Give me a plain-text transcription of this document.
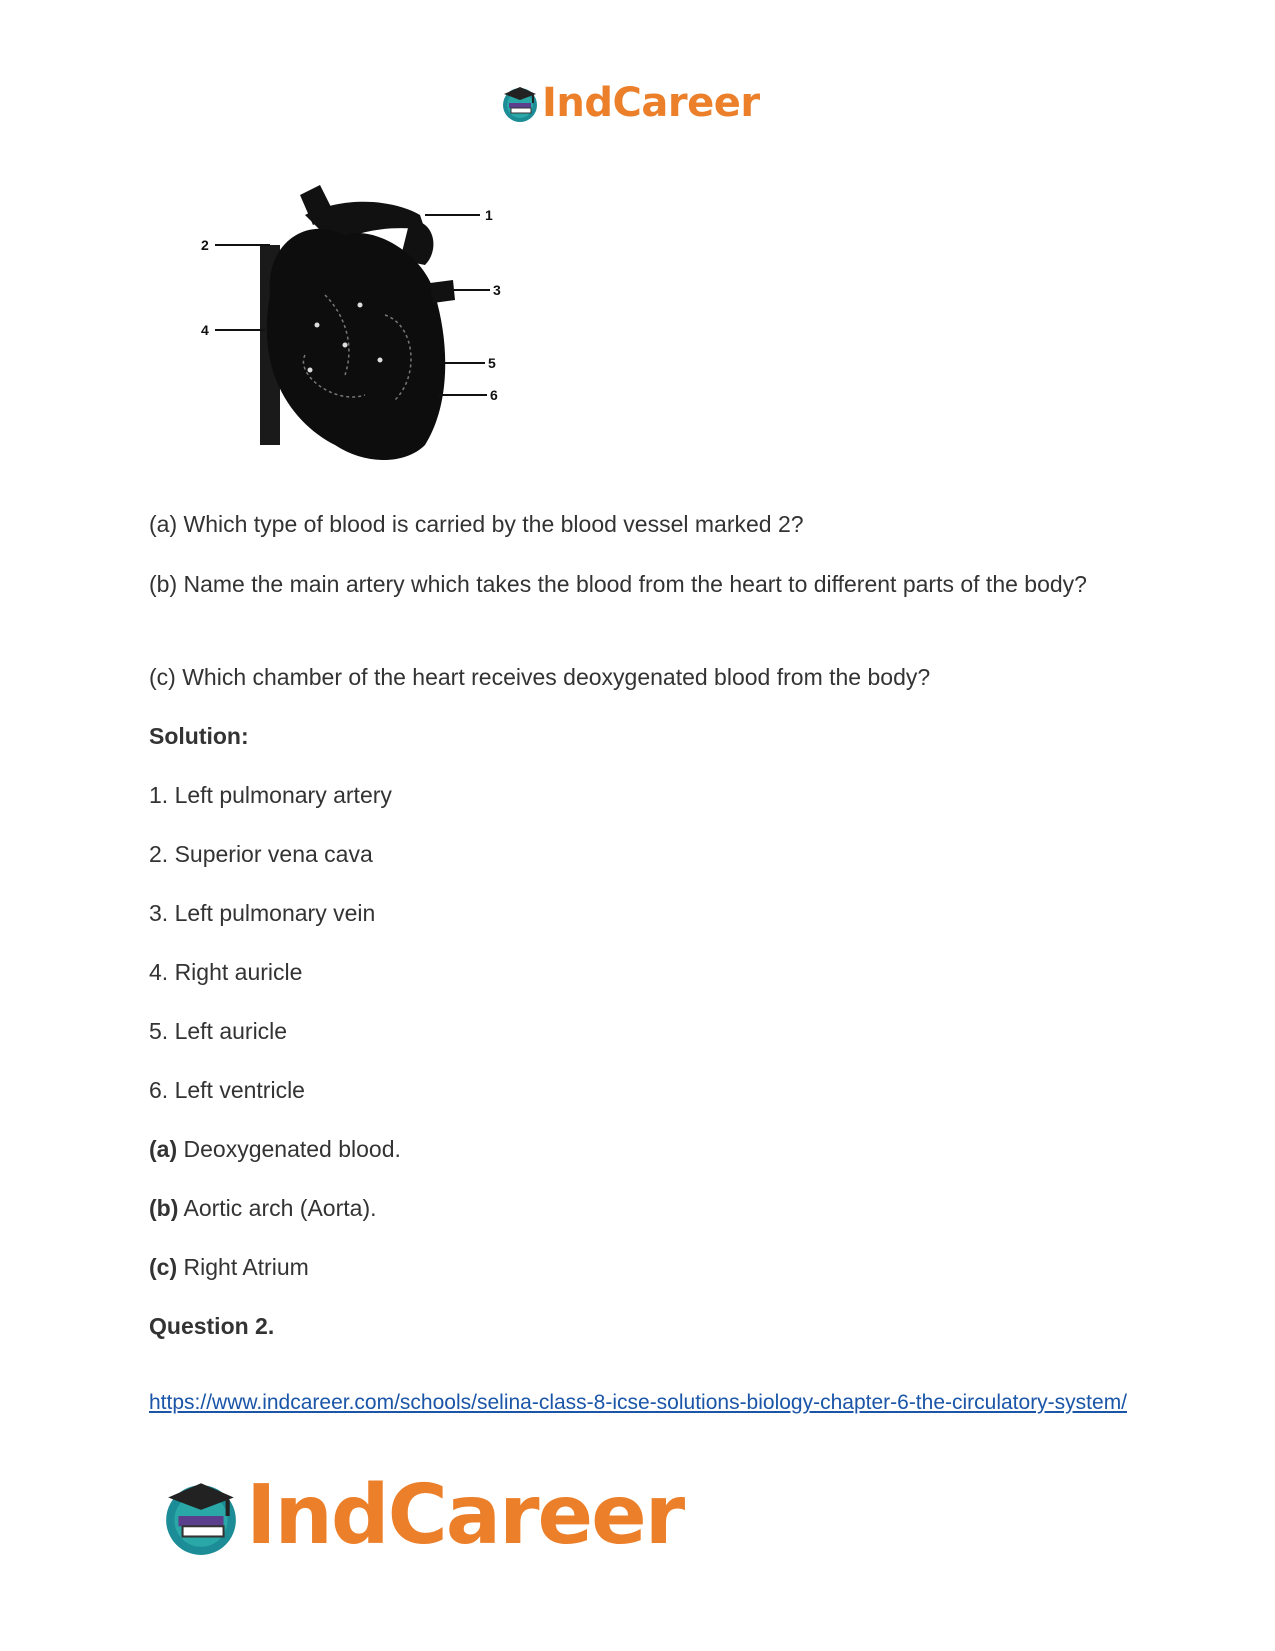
IndCareer
1
2
3
4
5
6

(a) Which type of blood is carried by the blood vessel marked 2?

(b) Name the main artery which takes the blood from the heart to different parts of the body?

(c) Which chamber of the heart receives deoxygenated blood from the body?

Solution:

1. Left pulmonary artery

2. Superior vena cava

3. Left pulmonary vein

4. Right auricle

5. Left auricle

6. Left ventricle

(a) Deoxygenated blood.

(b) Aortic arch (Aorta).

(c) Right Atrium

Question 2.

https://www.indcareer.com/schools/selina-class-8-icse-solutions-biology-chapter-6-the-circulatory-system/
IndCareer
